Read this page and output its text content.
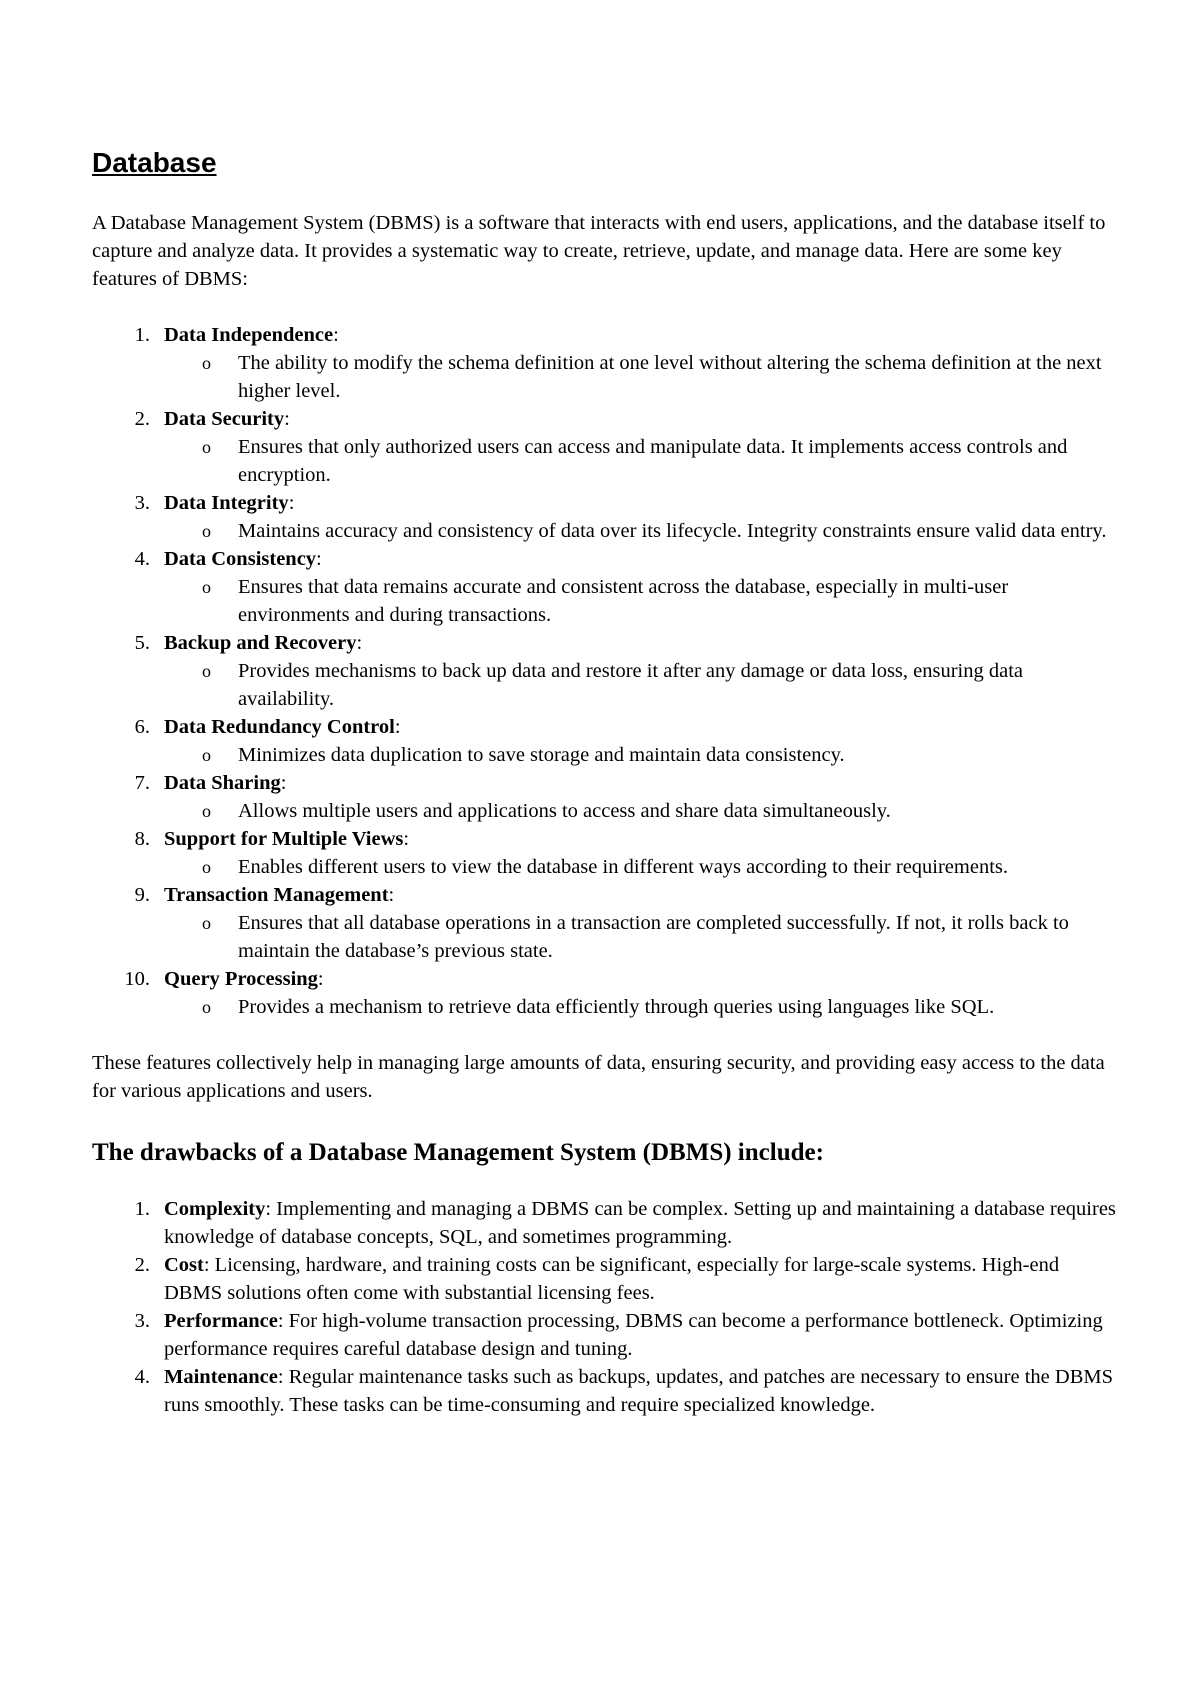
Database

A Database Management System (DBMS) is a software that interacts with end users, applications, and the database itself to capture and analyze data. It provides a systematic way to create, retrieve, update, and manage data. Here are some key features of DBMS:

1. Data Independence:
o The ability to modify the schema definition at one level without altering the schema definition at the next higher level.
2. Data Security:
o Ensures that only authorized users can access and manipulate data. It implements access controls and encryption.
3. Data Integrity:
o Maintains accuracy and consistency of data over its lifecycle. Integrity constraints ensure valid data entry.
4. Data Consistency:
o Ensures that data remains accurate and consistent across the database, especially in multi-user environments and during transactions.
5. Backup and Recovery:
o Provides mechanisms to back up data and restore it after any damage or data loss, ensuring data availability.
6. Data Redundancy Control:
o Minimizes data duplication to save storage and maintain data consistency.
7. Data Sharing:
o Allows multiple users and applications to access and share data simultaneously.
8. Support for Multiple Views:
o Enables different users to view the database in different ways according to their requirements.
9. Transaction Management:
o Ensures that all database operations in a transaction are completed successfully. If not, it rolls back to maintain the database’s previous state.
10. Query Processing:
o Provides a mechanism to retrieve data efficiently through queries using languages like SQL.

These features collectively help in managing large amounts of data, ensuring security, and providing easy access to the data for various applications and users.

The drawbacks of a Database Management System (DBMS) include:
1. Complexity: Implementing and managing a DBMS can be complex. Setting up and maintaining a database requires knowledge of database concepts, SQL, and sometimes programming.
2. Cost: Licensing, hardware, and training costs can be significant, especially for large-scale systems. High-end DBMS solutions often come with substantial licensing fees.
3. Performance: For high-volume transaction processing, DBMS can become a performance bottleneck. Optimizing performance requires careful database design and tuning.
4. Maintenance: Regular maintenance tasks such as backups, updates, and patches are necessary to ensure the DBMS runs smoothly. These tasks can be time-consuming and require specialized knowledge.
